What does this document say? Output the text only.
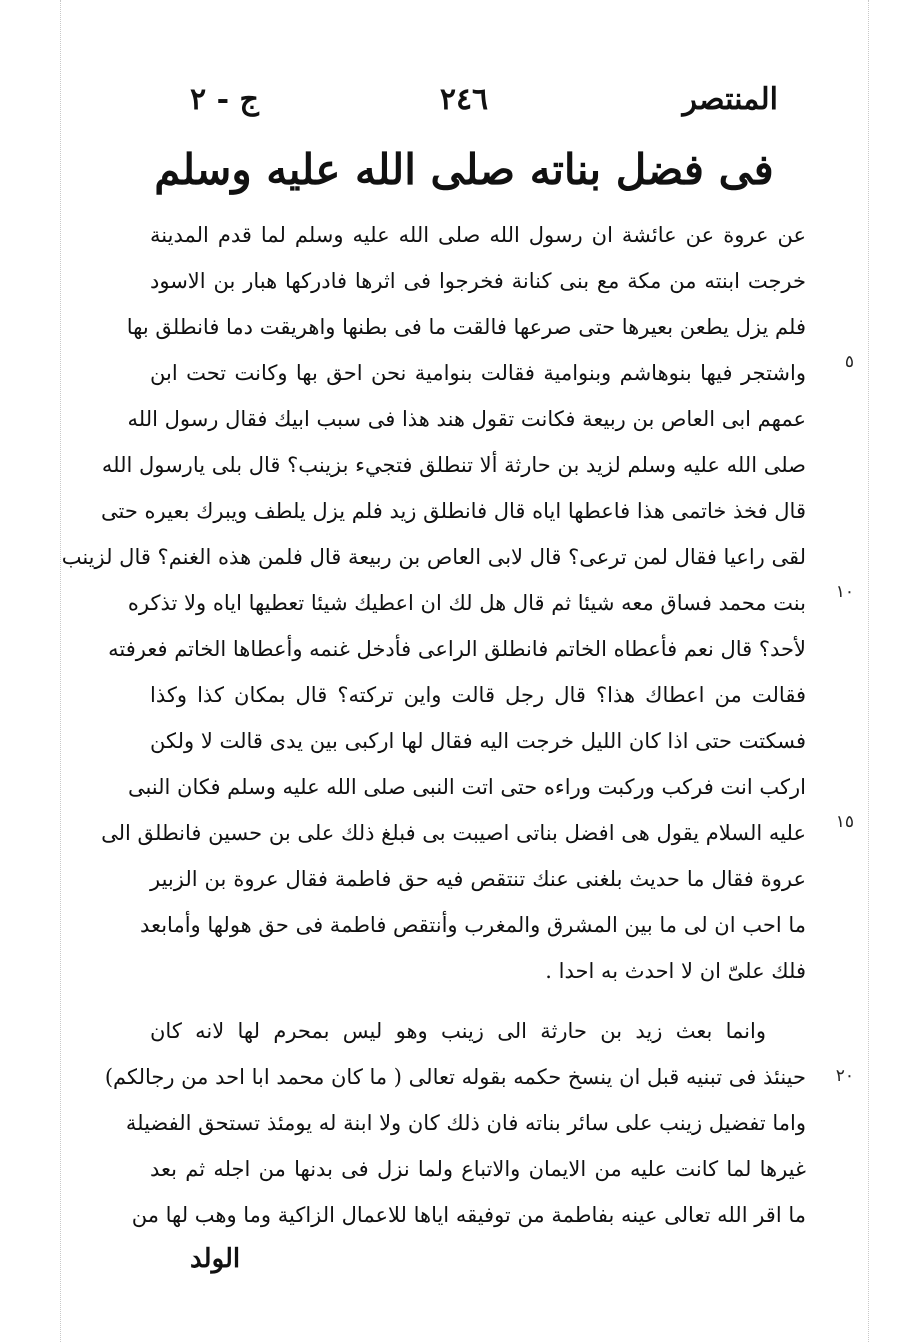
المنتصر
٢٤٦
ج - ٢
فى فضل بناته صلى الله عليه وسلم
عن عروة عن عائشة ان رسول الله صلى الله عليه وسلم لما قدم المدينة
خرجت ابنته من مكة مع بنى كنانة فخرجوا فى اثرها فادركها هبار بن الاسود
فلم يزل يطعن بعيرها حتى صرعها فالقت ما فى بطنها واهريقت دما فانطلق بها
واشتجر فيها بنوهاشم وبنوامية فقالت بنوامية نحن احق بها وكانت تحت ابن
عمهم ابى العاص بن ربيعة فكانت تقول هند هذا فى سبب ابيك فقال رسول الله
صلى الله عليه وسلم لزيد بن حارثة ألا تنطلق فتجيء بزينب؟ قال بلى يارسول الله
قال فخذ خاتمى هذا فاعطها اياه قال فانطلق زيد فلم يزل يلطف ويبرك بعيره حتى
لقى راعيا فقال لمن ترعى؟ قال لابى العاص بن ربيعة قال فلمن هذه الغنم؟ قال لزينب
بنت محمد فساق معه شيئا ثم قال هل لك ان اعطيك شيئا تعطيها اياه ولا تذكره
لأحد؟ قال نعم فأعطاه الخاتم فانطلق الراعى فأدخل غنمه وأعطاها الخاتم فعرفته
فقالت من اعطاك هذا؟ قال رجل قالت واين تركته؟ قال بمكان كذا وكذا
فسكتت حتى اذا كان الليل خرجت اليه فقال لها اركبى بين يدى قالت لا ولكن
اركب انت فركب وركبت وراءه حتى اتت النبى صلى الله عليه وسلم فكان النبى
عليه السلام يقول هى افضل بناتى اصيبت بى فبلغ ذلك على بن حسين فانطلق الى
عروة فقال ما حديث بلغنى عنك تنتقص فيه حق فاطمة فقال عروة بن الزبير
ما احب ان لى ما بين المشرق والمغرب وأنتقص فاطمة فى حق هولها وأمابعد
فلك علىّ ان لا احدث به احدا .
وانما بعث زيد بن حارثة الى زينب وهو ليس بمحرم لها لانه كان
حينئذ فى تبنيه قبل ان ينسخ حكمه بقوله تعالى ( ما كان محمد ابا احد من رجالكم)
واما تفضيل زينب على سائر بناته فان ذلك كان ولا ابنة له يومئذ تستحق الفضيلة
غيرها لما كانت عليه من الايمان والاتباع ولما نزل فى بدنها من اجله ثم بعد
ما اقر الله تعالى عينه بفاطمة من توفيقه اياها للاعمال الزاكية وما وهب لها من
٥
١٠
١٥
٢٠
الولد
